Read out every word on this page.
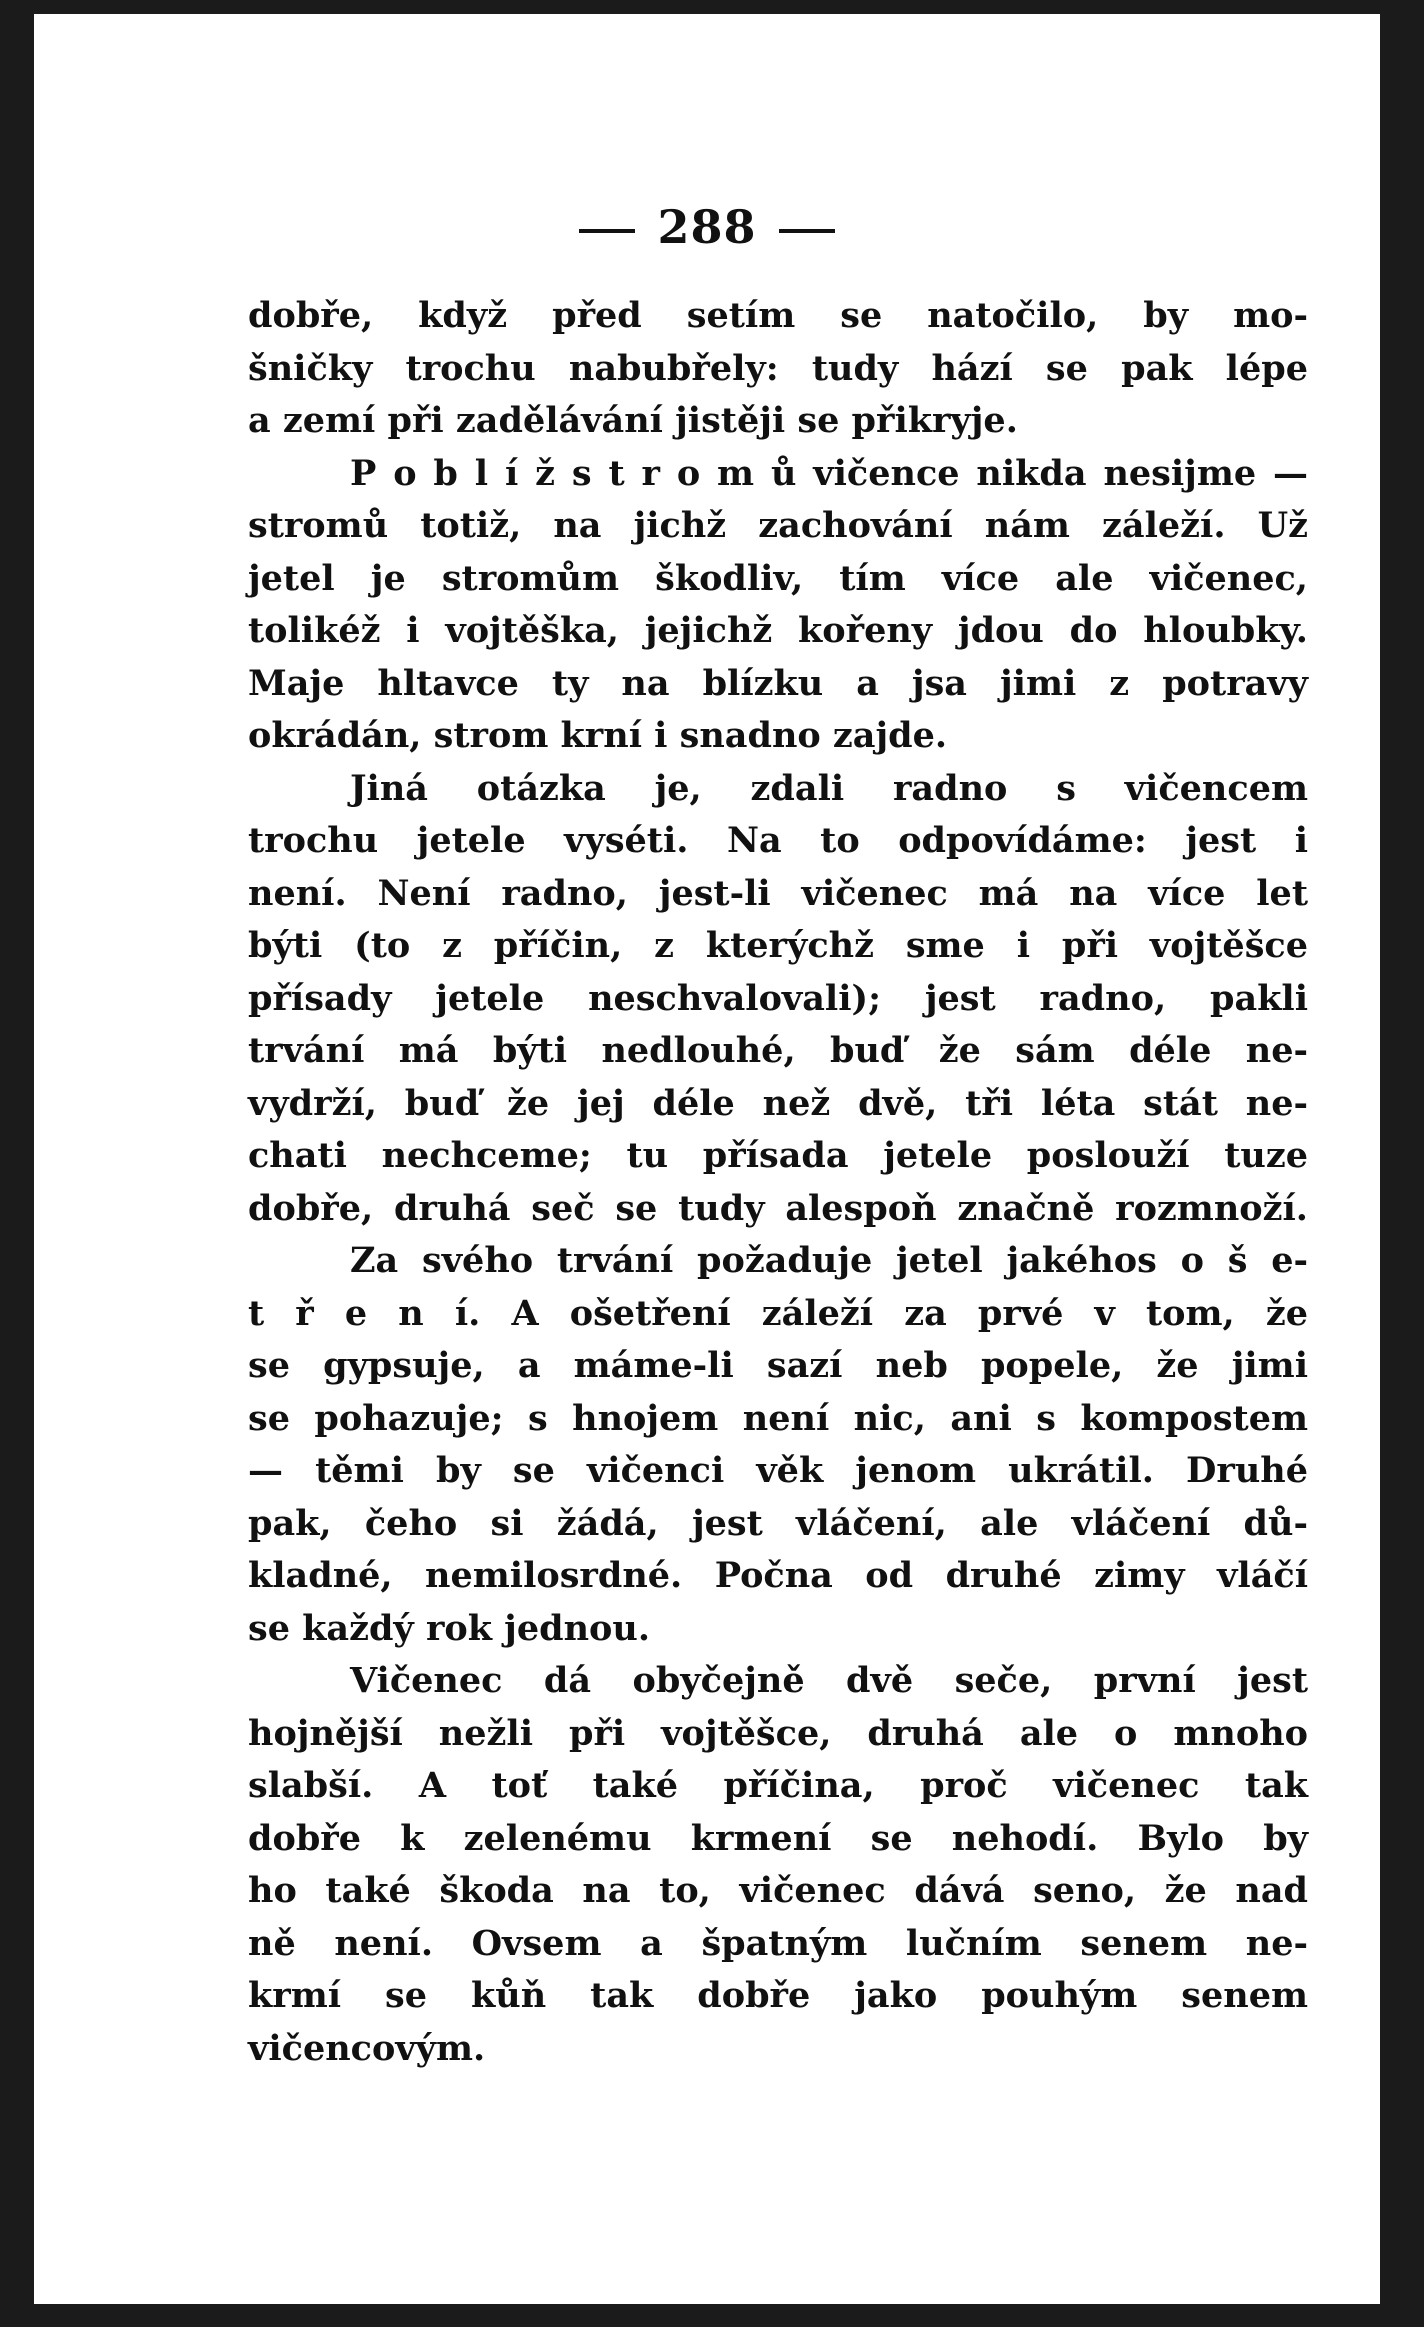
288
dobře, když před setím se natočilo, by mo-
šničky trochu nabubřely: tudy hází se pak lépe
a zemí při zadělávání jistěji se přikryje.
P o b l í ž s t r o m ů vičence nikda nesijme —
stromů totiž, na jichž zachování nám záleží. Už
jetel je stromům škodliv, tím více ale vičenec,
tolikéž i vojtěška, jejichž kořeny jdou do hloubky.
Maje hltavce ty na blízku a jsa jimi z potravy
okrádán, strom krní i snadno zajde.
Jiná otázka je, zdali radno s vičencem
trochu jetele vyséti. Na to odpovídáme: jest i
není. Není radno, jest-li vičenec má na více let
býti (to z příčin, z kterýchž sme i při vojtěšce
přísady jetele neschvalovali); jest radno, pakli
trvání má býti nedlouhé, buď že sám déle ne-
vydrží, buď že jej déle než dvě, tři léta stát ne-
chati nechceme; tu přísada jetele poslouží tuze
dobře, druhá seč se tudy alespoň značně rozmnoží.
Za svého trvání požaduje jetel jakéhos o š e-
t ř e n í. A ošetření záleží za prvé v tom, že
se gypsuje, a máme-li sazí neb popele, že jimi
se pohazuje; s hnojem není nic, ani s kompostem
— těmi by se vičenci věk jenom ukrátil. Druhé
pak, čeho si žádá, jest vláčení, ale vláčení dů-
kladné, nemilosrdné. Počna od druhé zimy vláčí
se každý rok jednou.
Vičenec dá obyčejně dvě seče, první jest
hojnější nežli při vojtěšce, druhá ale o mnoho
slabší. A toť také příčina, proč vičenec tak
dobře k zelenému krmení se nehodí. Bylo by
ho také škoda na to, vičenec dává seno, že nad
ně není. Ovsem a špatným lučním senem ne-
krmí se kůň tak dobře jako pouhým senem
vičencovým.
